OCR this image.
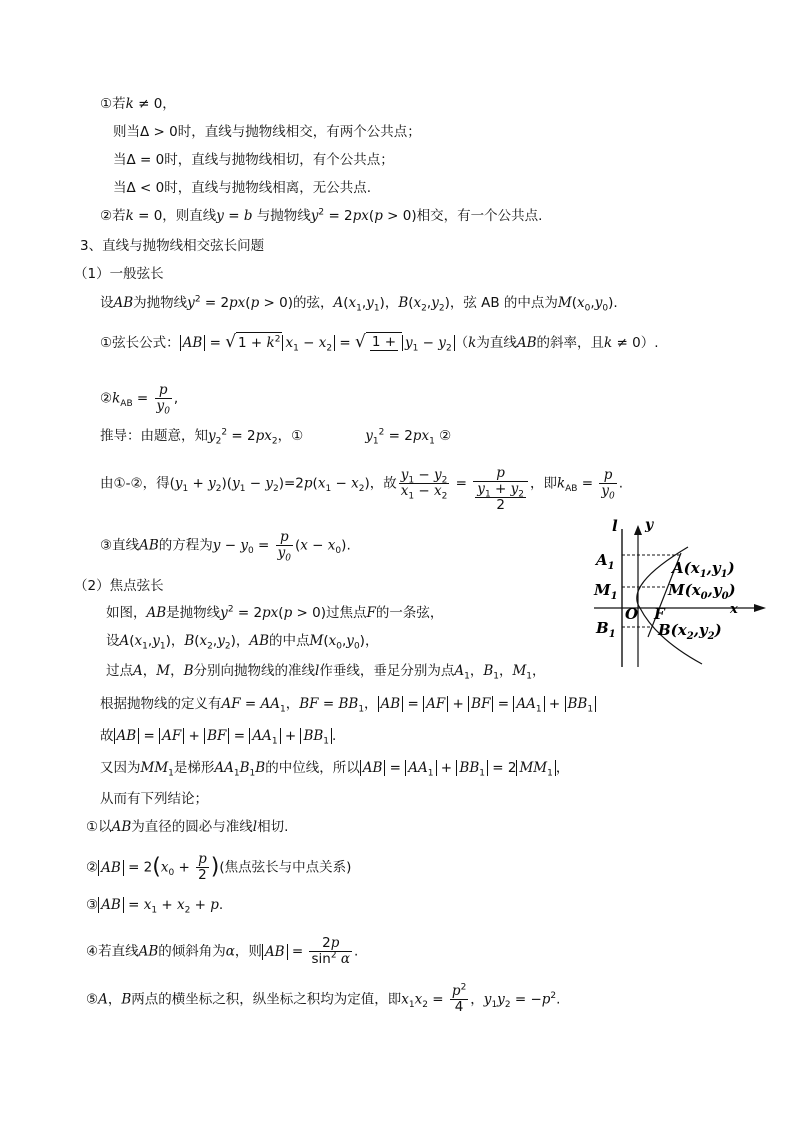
①若k ≠ 0，
则当Δ > 0时，直线与抛物线相交，有两个公共点；
当Δ = 0时，直线与抛物线相切，有个公共点；
当Δ < 0时，直线与抛物线相离，无公共点.
②若k = 0，则直线y = b 与抛物线$y^2 = 2px(p > 0)$相交，有一个公共点.
3、直线与抛物线相交弦长问题
（1）一般弦长
设AB为抛物线$y^2 = 2px(p > 0)$的弦，$A(x_1,y_1)$，$B(x_2,y_2)$，弦 AB 的中点为$M(x_0,y_0)$.
①弦长公式： AB = √ $1 + k^2$ $x_1 - x_2$ = √ $1 + y_1 - y_2$ （k为直线AB的斜率，且k ≠ 0）.
$②k_{AB} = \frac{p}{y_0}$ ,
推导：由题意，知$y_2^2 = 2px_2$，①	$y_1^2 = 2px_1$ ②
由①-②，得$(y_1 + y_2)(y_1 - y_2)=2p(x_1 - x_2)$，故 $\frac{y_1 - y_2}{x_1 - x_2} = \frac{p}{\frac{y_1 + y_2}{2}}$ ，即$k_{AB} = \frac{p}{y_0}$ .
③直线AB的方程为$y - y_0 = \frac{p}{y_0} (x - x_0)$.
（2）焦点弦长
如图，AB是抛物线$y^2 = 2px(p > 0)$过焦点F的一条弦，
设$A(x_1,y_1)$，$B(x_2,y_2)$，AB的中点$M(x_0,y_0)$，
过点A，M，B分别向抛物线的准线l作垂线，垂足分别为点$A_1$，$B_1$，$M_1$，
根据抛物线的定义有AF = $AA_1$，BF = $BB_1$， AB = AF + BF = $AA_1 + BB_1$
故 AB = AF + BF = $AA_1 + BB_1$ .
又因为$MM_1$是梯形$AA_1B_1B$的中位线，所以 AB = $AA_1 + BB_1 = 2$ $MM_1$ ，
从而有下列结论；
①以AB为直径的圆必与准线l相切.
② AB = $2(x_0 + \frac{p}{2}$ )(焦点弦长与中点关系)
③ AB = $x_1 + x_2 + p$.
④若直线AB的倾斜角为α，则 AB = $\frac{2p}{\sin^2 \alpha}$ .
⑤A，B两点的横坐标之积，纵坐标之积均为定值，即$x_1x_2 = \frac{p^2}{4}$ ，$y_1y_2 = -p^2$.
l y
x
$A_1$
$M_1$
$B_1$
O F
$A(x_1,y_1)$
$M(x_0,y_0)$
$B(x_2,y_2)$
